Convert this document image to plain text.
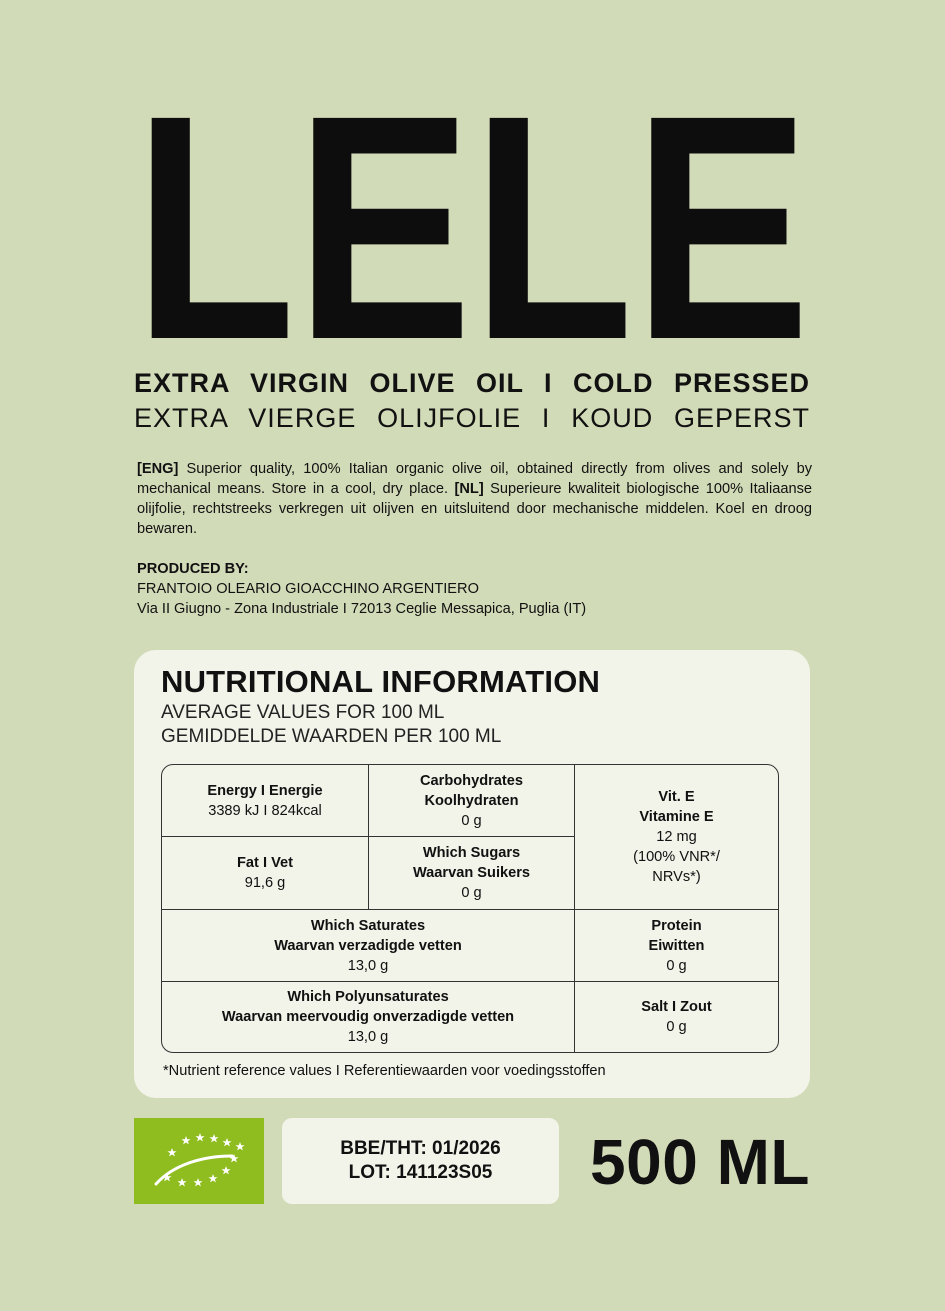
LELE
EXTRA VIRGIN OLIVE OIL I COLD PRESSED
EXTRA VIERGE OLIJFOLIE I KOUD GEPERST
[ENG] Superior quality, 100% Italian organic olive oil, obtained directly from olives and solely by mechanical means. Store in a cool, dry place. [NL] Superieure kwaliteit biologische 100% Italiaanse olijfolie, rechtstreeks verkregen uit olijven en uitsluitend door mechanische middelen. Koel en droog bewaren.
PRODUCED BY:
FRANTOIO OLEARIO GIOACCHINO ARGENTIERO
Via II Giugno - Zona Industriale I 72013 Ceglie Messapica, Puglia (IT)
NUTRITIONAL INFORMATION
AVERAGE VALUES FOR 100 ML
GEMIDDELDE WAARDEN PER 100 ML
Energy I Energie
3389 kJ I 824kcal
Carbohydrates
Koolhydraten
0 g
Vit. E
Vitamine E
12 mg
(100% VNR*/
NRVs*)
Fat I Vet
91,6 g
Which Sugars
Waarvan Suikers
0 g
Which Saturates
Waarvan verzadigde vetten
13,0 g
Protein
Eiwitten
0 g
Which Polyunsaturates
Waarvan meervoudig onverzadigde vetten
13,0 g
Salt I Zout
0 g
*Nutrient reference values I Referentiewaarden voor voedingsstoffen
BBE/THT: 01/2026
LOT: 141123S05	500 ML
